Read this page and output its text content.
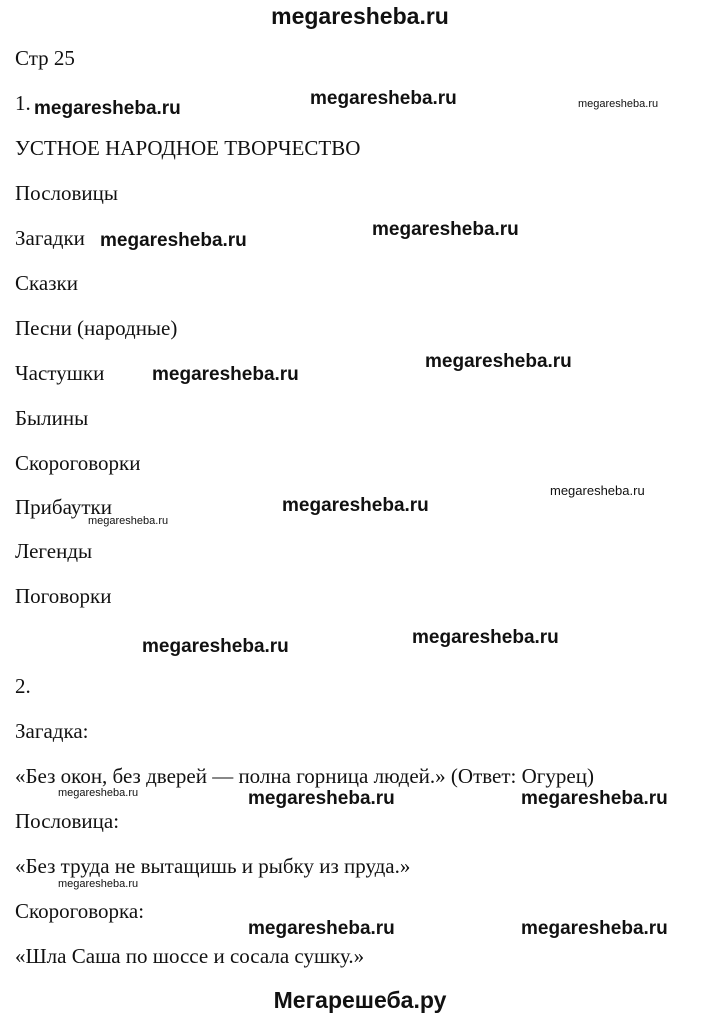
megaresheba.ru
Стр 25
1.
УСТНОЕ НАРОДНОЕ ТВОРЧЕСТВО
Пословицы
Загадки
Сказки
Песни (народные)
Частушки
Былины
Скороговорки
Прибаутки
Легенды
Поговорки
2.
Загадка:
«Без окон, без дверей — полна горница людей.» (Ответ: Огурец)
Пословица:
«Без труда не вытащишь и рыбку из пруда.»
Скороговорка:
«Шла Саша по шоссе и сосала сушку.»
megaresheba.ru	megaresheba.ru
megaresheba.ru
megaresheba.ru
megaresheba.ru
megaresheba.ru
megaresheba.ru
megaresheba.ru	megaresheba.ru
megaresheba.ru	megaresheba.ru
megaresheba.ru	megaresheba.ru
megaresheba.ru
megaresheba.ru
megaresheba.ru
megaresheba.ru
megaresheba.ru
Мегарешеба.ру
